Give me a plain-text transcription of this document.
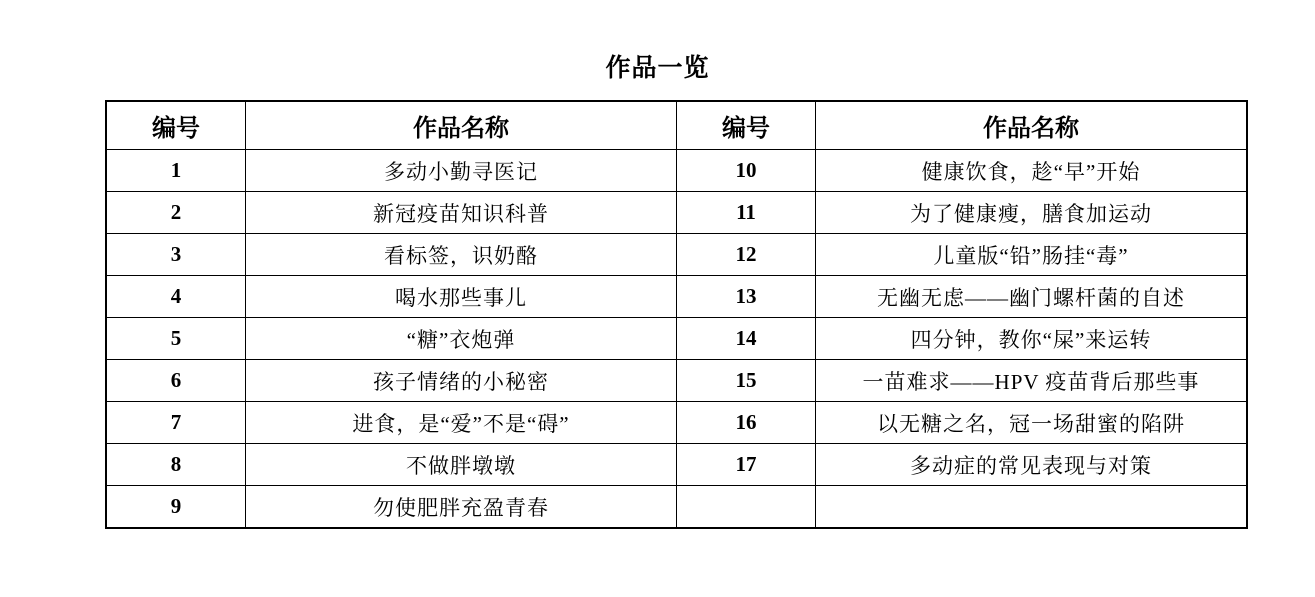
作品一览
编号	作品名称	编号	作品名称
1	多动小勤寻医记	10	健康饮食，趁“早”开始
2	新冠疫苗知识科普	11	为了健康瘦，膳食加运动
3	看标签，识奶酪	12	儿童版“铅”肠挂“毒”
4	喝水那些事儿	13	无幽无虑——幽门螺杆菌的自述
5	“糖”衣炮弹	14	四分钟，教你“屎”来运转
6	孩子情绪的小秘密	15	一苗难求——HPV 疫苗背后那些事
7	进食，是“爱”不是“碍”	16	以无糖之名，冠一场甜蜜的陷阱
8	不做胖墩墩	17	多动症的常见表现与对策
9	勿使肥胖充盈青春		
